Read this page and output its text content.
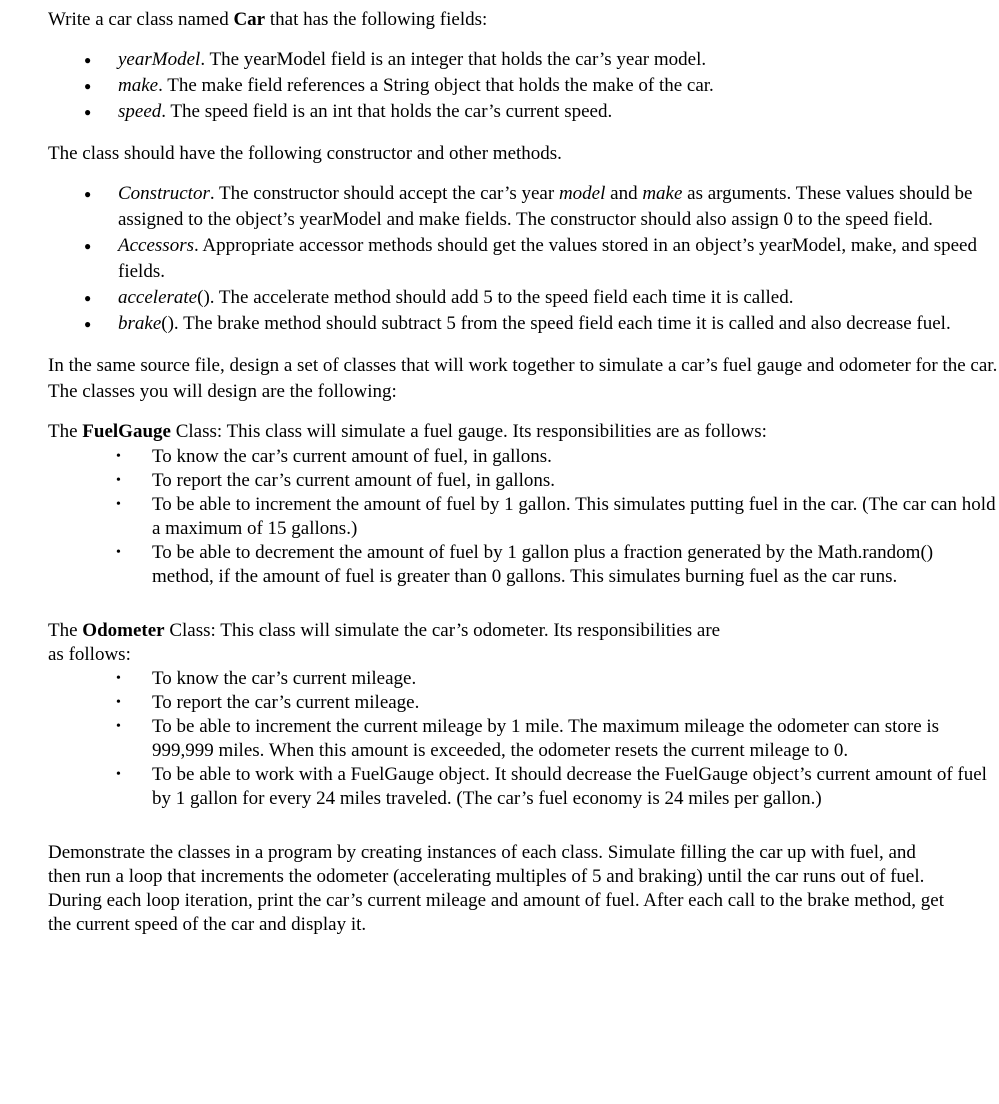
Write a car class named Car that has the following fields:

● yearModel. The yearModel field is an integer that holds the car’s year model.
● make. The make field references a String object that holds the make of the car.
● speed. The speed field is an int that holds the car’s current speed.

The class should have the following constructor and other methods.

● Constructor. The constructor should accept the car’s year model and make as arguments. These values should be assigned to the object’s yearModel and make fields. The constructor should also assign 0 to the speed field.
● Accessors. Appropriate accessor methods should get the values stored in an object’s yearModel, make, and speed fields.
● accelerate(). The accelerate method should add 5 to the speed field each time it is called.
● brake(). The brake method should subtract 5 from the speed field each time it is called and also decrease fuel.

In the same source file, design a set of classes that will work together to simulate a car’s fuel gauge and odometer for the car. The classes you will design are the following:

The FuelGauge Class: This class will simulate a fuel gauge. Its responsibilities are as follows:

• To know the car’s current amount of fuel, in gallons.
• To report the car’s current amount of fuel, in gallons.
• To be able to increment the amount of fuel by 1 gallon. This simulates putting fuel in the car. (The car can hold a maximum of 15 gallons.)
• To be able to decrement the amount of fuel by 1 gallon plus a fraction generated by the Math.random() method, if the amount of fuel is greater than 0 gallons. This simulates burning fuel as the car runs.

The Odometer Class: This class will simulate the car’s odometer. Its responsibilities are
as follows:

• To know the car’s current mileage.
• To report the car’s current mileage.
• To be able to increment the current mileage by 1 mile. The maximum mileage the odometer can store is 999,999 miles. When this amount is exceeded, the odometer resets the current mileage to 0.
• To be able to work with a FuelGauge object. It should decrease the FuelGauge object’s current amount of fuel by 1 gallon for every 24 miles traveled. (The car’s fuel economy is 24 miles per gallon.)

Demonstrate the classes in a program by creating instances of each class. Simulate filling the car up with fuel, and then run a loop that increments the odometer (accelerating multiples of 5 and braking) until the car runs out of fuel. During each loop iteration, print the car’s current mileage and amount of fuel. After each call to the brake method, get the current speed of the car and display it.
